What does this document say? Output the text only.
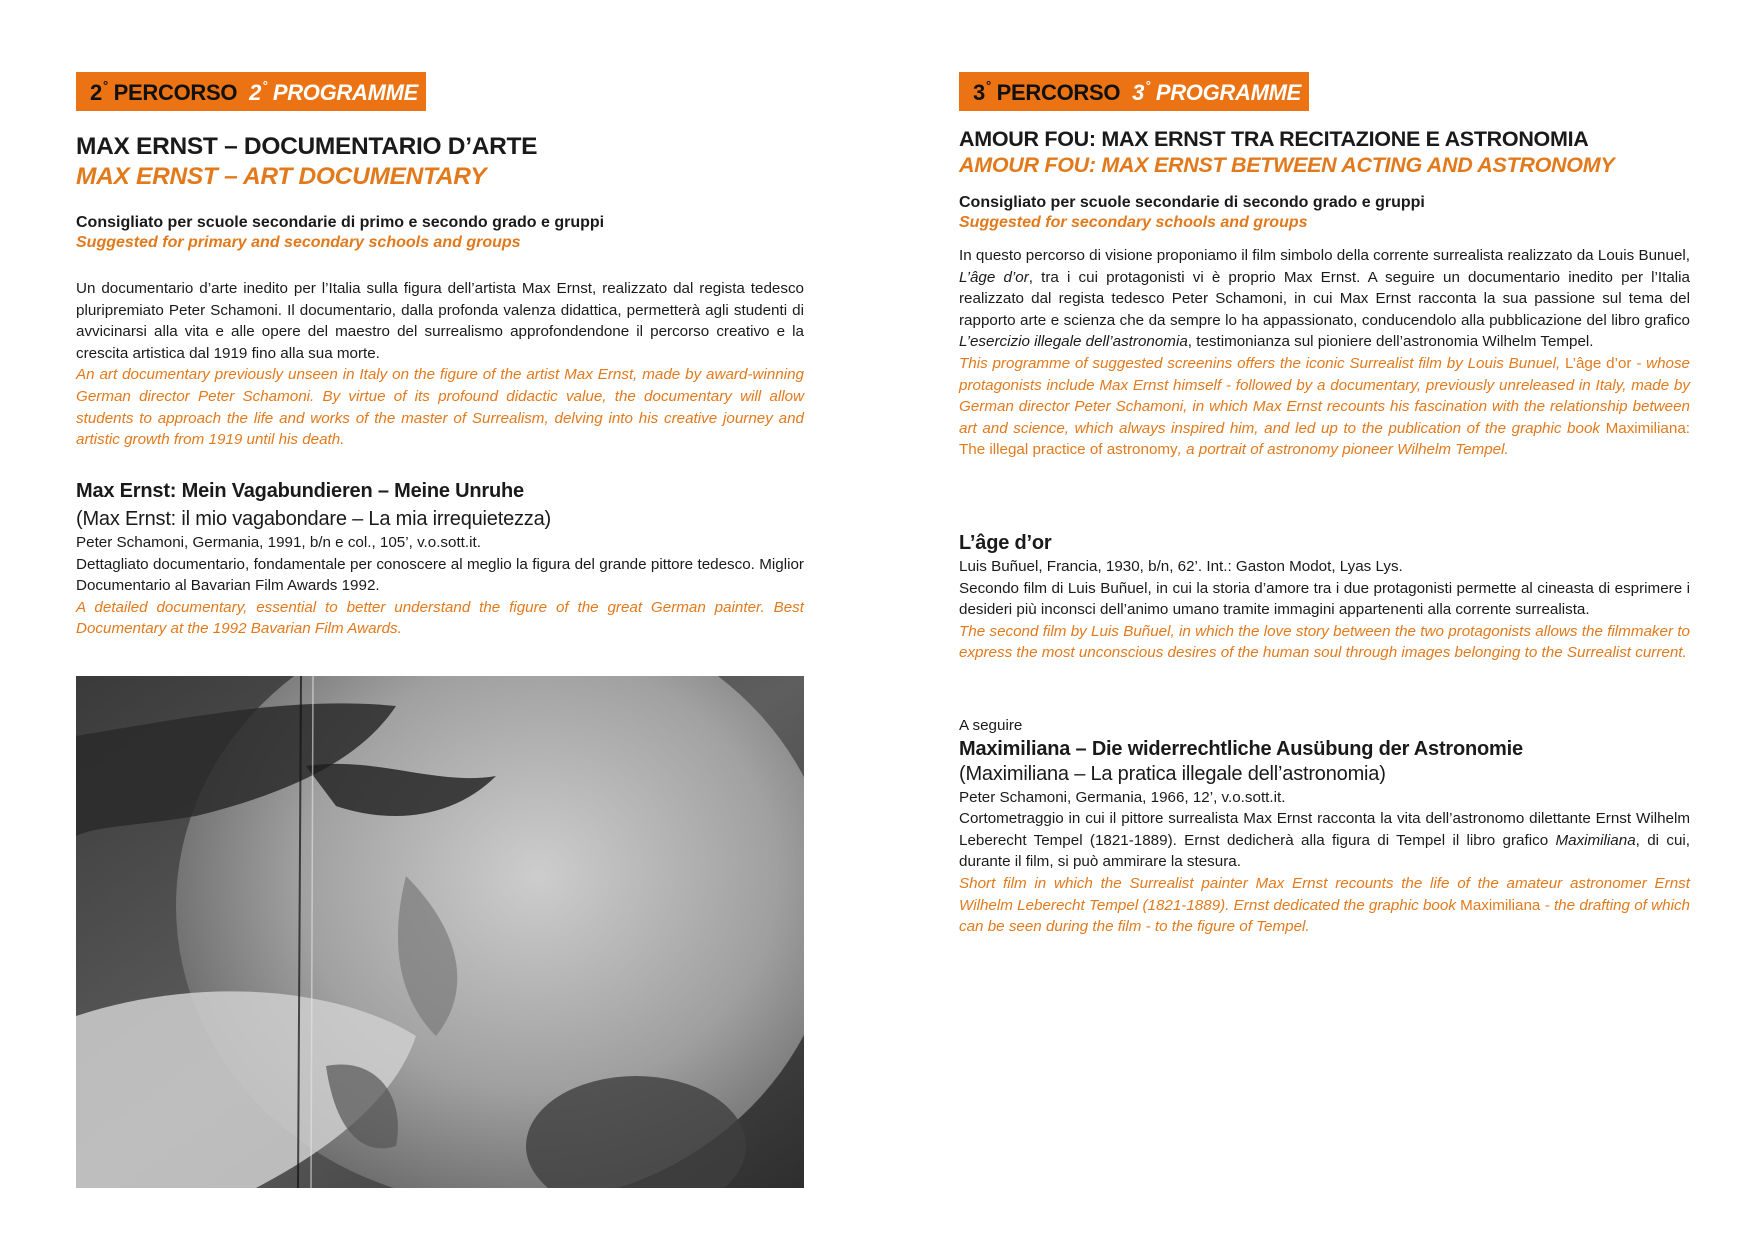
2° PERCORSO 2° PROGRAMME
MAX ERNST – DOCUMENTARIO D’ARTE
MAX ERNST – ART DOCUMENTARY

Consigliato per scuole secondarie di primo e secondo grado e gruppi

Suggested for primary and secondary schools and groups

Un documentario d’arte inedito per l’Italia sulla figura dell’artista Max Ernst, realizzato dal regista tedesco pluripremiato Peter Schamoni. Il documentario, dalla profonda valenza didattica, permetterà agli studenti di avvicinarsi alla vita e alle opere del maestro del surrealismo approfondendone il percorso creativo e la crescita artistica dal 1919 fino alla sua morte.

An art documentary previously unseen in Italy on the figure of the artist Max Ernst, made by award-winning German director Peter Schamoni. By virtue of its profound didactic value, the documentary will allow students to approach the life and works of the master of Surrealism, delving into his creative journey and artistic growth from 1919 until his death.

Max Ernst: Mein Vagabundieren – Meine Unruhe

(Max Ernst: il mio vagabondare – La mia irrequietezza)

Peter Schamoni, Germania, 1991, b/n e col., 105’, v.o.sott.it.

Dettagliato documentario, fondamentale per conoscere al meglio la figura del grande pittore tedesco. Miglior Documentario al Bavarian Film Awards 1992.

A detailed documentary, essential to better understand the figure of the great German painter. Best Documentary at the 1992 Bavarian Film Awards.

3° PERCORSO 3° PROGRAMME
AMOUR FOU: MAX ERNST TRA RECITAZIONE E ASTRONOMIA
AMOUR FOU: MAX ERNST BETWEEN ACTING AND ASTRONOMY

Consigliato per scuole secondarie di secondo grado e gruppi

Suggested for secondary schools and groups

In questo percorso di visione proponiamo il film simbolo della corrente surrealista realizzato da Louis Bunuel, L’âge d’or, tra i cui protagonisti vi è proprio Max Ernst. A seguire un documentario inedito per l’Italia realizzato dal regista tedesco Peter Schamoni, in cui Max Ernst racconta la sua passione sul tema del rapporto arte e scienza che da sempre lo ha appassionato, conducendolo alla pubblicazione del libro grafico L’esercizio illegale dell’astronomia, testimonianza sul pioniere dell’astronomia Wilhelm Tempel.

This programme of suggested screenins offers the iconic Surrealist film by Louis Bunuel, L’âge d’or - whose protagonists include Max Ernst himself - followed by a documentary, previously unreleased in Italy, made by German director Peter Schamoni, in which Max Ernst recounts his fascination with the relationship between art and science, which always inspired him, and led up to the publication of the graphic book Maximiliana: The illegal practice of astronomy, a portrait of astronomy pioneer Wilhelm Tempel.

L’âge d’or

Luis Buñuel, Francia, 1930, b/n, 62’. Int.: Gaston Modot, Lyas Lys.

Secondo film di Luis Buñuel, in cui la storia d’amore tra i due protagonisti permette al cineasta di esprimere i desideri più inconsci dell’animo umano tramite immagini appartenenti alla corrente surrealista.

The second film by Luis Buñuel, in which the love story between the two protagonists allows the filmmaker to express the most unconscious desires of the human soul through images belonging to the Surrealist current.

A seguire

Maximiliana – Die widerrechtliche Ausübung der Astronomie

(Maximiliana – La pratica illegale dell’astronomia)

Peter Schamoni, Germania, 1966, 12’, v.o.sott.it.

Cortometraggio in cui il pittore surrealista Max Ernst racconta la vita dell’astronomo dilettante Ernst Wilhelm Leberecht Tempel (1821-1889). Ernst dedicherà alla figura di Tempel il libro grafico Maximiliana, di cui, durante il film, si può ammirare la stesura.

Short film in which the Surrealist painter Max Ernst recounts the life of the amateur astronomer Ernst Wilhelm Leberecht Tempel (1821-1889). Ernst dedicated the graphic book Maximiliana - the drafting of which can be seen during the film - to the figure of Tempel.
